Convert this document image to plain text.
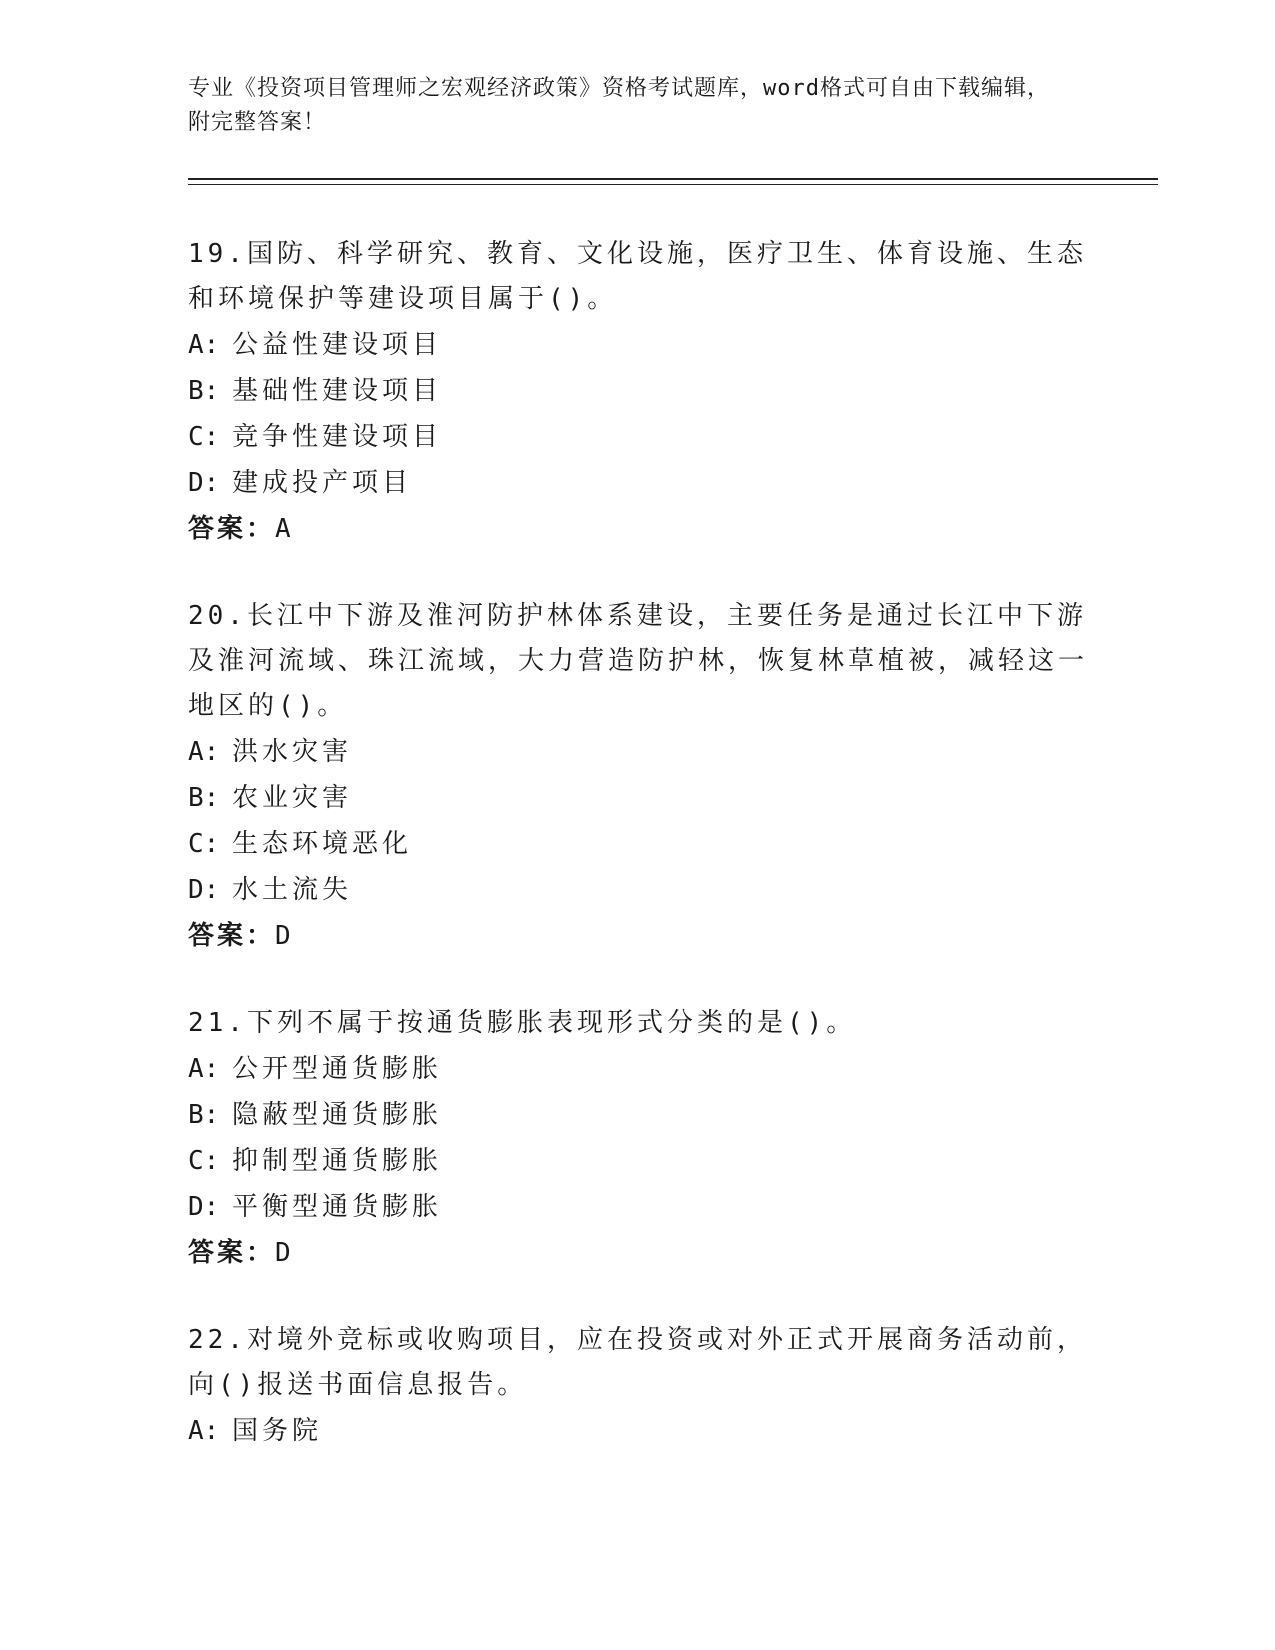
专业《投资项目管理师之宏观经济政策》资格考试题库，word格式可自由下载编辑，附完整答案！

19.国防、科学研究、教育、文化设施，医疗卫生、体育设施、生态和环境保护等建设项目属于()。

A: 公益性建设项目

B: 基础性建设项目

C: 竞争性建设项目

D: 建成投产项目

答案：A

20.长江中下游及淮河防护林体系建设，主要任务是通过长江中下游及淮河流域、珠江流域，大力营造防护林，恢复林草植被，减轻这一地区的()。

A: 洪水灾害

B: 农业灾害

C: 生态环境恶化

D: 水土流失

答案：D

21.下列不属于按通货膨胀表现形式分类的是()。

A: 公开型通货膨胀

B: 隐蔽型通货膨胀

C: 抑制型通货膨胀

D: 平衡型通货膨胀

答案：D

22.对境外竞标或收购项目，应在投资或对外正式开展商务活动前，向()报送书面信息报告。

A: 国务院
